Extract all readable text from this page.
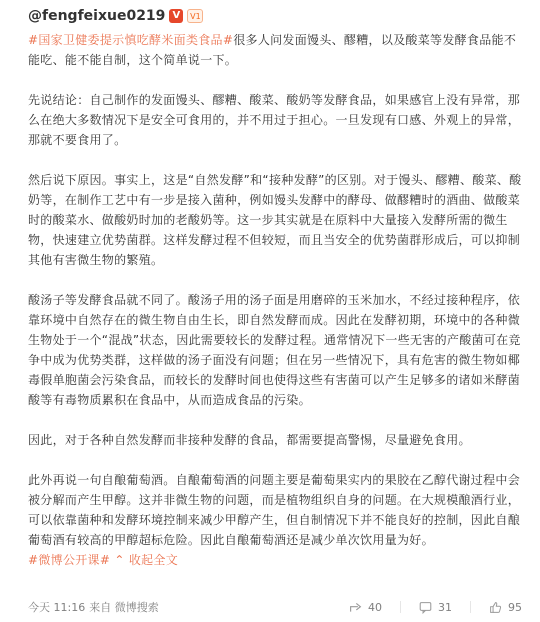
@fengfeixue0219 V	V1

#国家卫健委提示慎吃酵米面类食品#很多人问发面馒头、醪糟，以及酸菜等发酵食品能不能吃、能不能自制，这个简单说一下。

先说结论：自己制作的发面馒头、醪糟、酸菜、酸奶等发酵食品，如果感官上没有异常，那么在绝大多数情况下是安全可食用的，并不用过于担心。一旦发现有口感、外观上的异常，那就不要食用了。

然后说下原因。事实上，这是“自然发酵”和“接种发酵”的区别。对于馒头、醪糟、酸菜、酸奶等，在制作工艺中有一步是接入菌种，例如馒头发酵中的酵母、做醪糟时的酒曲、做酸菜时的酸菜水、做酸奶时加的老酸奶等。这一步其实就是在原料中大量接入发酵所需的微生物，快速建立优势菌群。这样发酵过程不但较短，而且当安全的优势菌群形成后，可以抑制其他有害微生物的繁殖。

酸汤子等发酵食品就不同了。酸汤子用的汤子面是用磨碎的玉米加水，不经过接种程序，依靠环境中自然存在的微生物自由生长，即自然发酵而成。因此在发酵初期，环境中的各种微生物处于一个“混战”状态，因此需要较长的发酵过程。通常情况下一些无害的产酸菌可在竞争中成为优势类群，这样做的汤子面没有问题；但在另一些情况下，具有危害的微生物如椰毒假单胞菌会污染食品，而较长的发酵时间也使得这些有害菌可以产生足够多的诸如米酵菌酸等有毒物质累积在食品中，从而造成食品的污染。

因此，对于各种自然发酵而非接种发酵的食品，都需要提高警惕，尽量避免食用。

此外再说一句自酿葡萄酒。自酿葡萄酒的问题主要是葡萄果实内的果胶在乙醇代谢过程中会被分解而产生甲醇。这并非微生物的问题，而是植物组织自身的问题。在大规模酿酒行业，可以依靠菌种和发酵环境控制来减少甲醇产生，但自制情况下并不能良好的控制，因此自酿葡萄酒有较高的甲醇超标危险。因此自酿葡萄酒还是减少单次饮用量为好。

#微博公开课# ⌃ 收起全文
今天 11:16 来自 微博搜索	40	31	95
